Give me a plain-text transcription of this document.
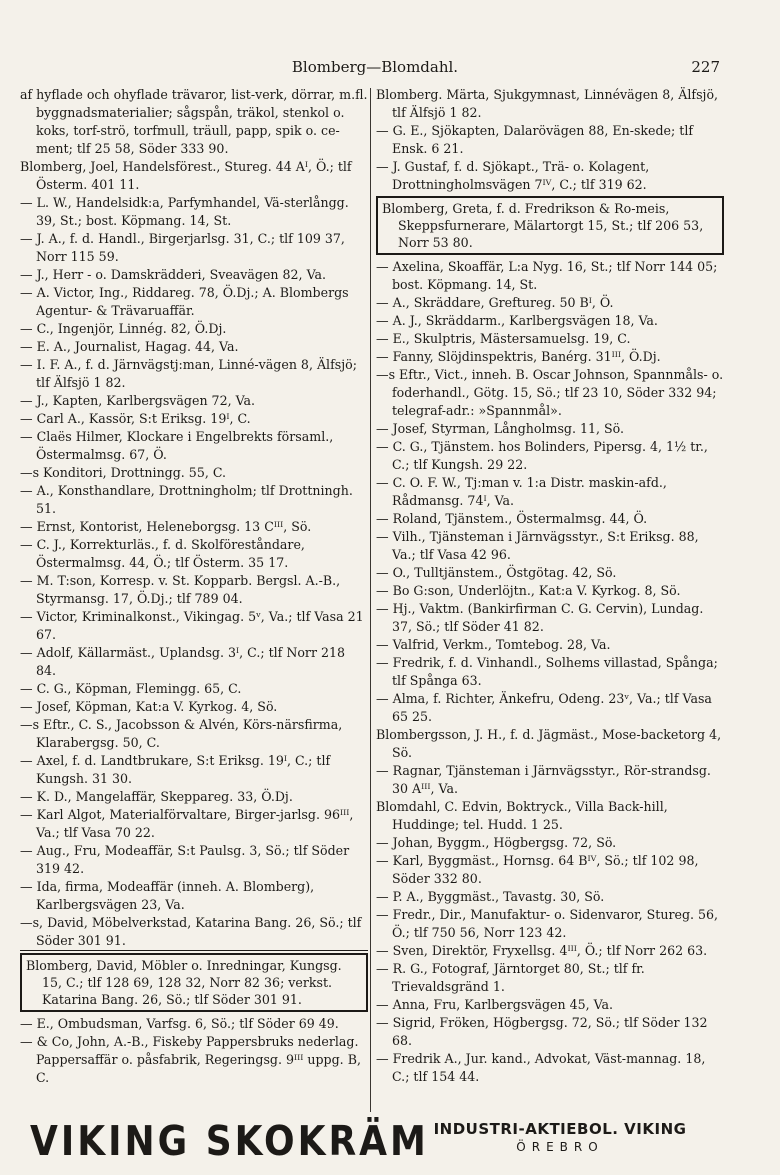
Blomberg—Blomdahl.	227
af hyflade och ohyflade trävaror, list-verk, dörrar, m.fl. byggnadsmaterialier; sågspån, träkol, stenkol o. koks, torf-strö, torfmull, träull, papp, spik o. ce-ment; tlf 25 58, Söder 333 90.
Blomberg, Joel, Handelsförest., Stureg. 44 Aᴵ, Ö.; tlf Österm. 401 11.
— L. W., Handelsidk:a, Parfymhandel, Vä-sterlångg. 39, St.; bost. Köpmang. 14, St.
— J. A., f. d. Handl., Birgerjarlsg. 31, C.; tlf 109 37, Norr 115 59.
— J., Herr - o. Damskrädderi, Sveavägen 82, Va.
— A. Victor, Ing., Riddareg. 78, Ö.Dj.; A. Blombergs Agentur- & Trävaruaffär.
— C., Ingenjör, Linnég. 82, Ö.Dj.
— E. A., Journalist, Hagag. 44, Va.
— I. F. A., f. d. Järnvägstj:man, Linné-vägen 8, Älfsjö; tlf Älfsjö 1 82.
— J., Kapten, Karlbergsvägen 72, Va.
— Carl A., Kassör, S:t Eriksg. 19ᴵ, C.
— Claës Hilmer, Klockare i Engelbrekts församl., Östermalmsg. 67, Ö.
—s Konditori, Drottningg. 55, C.
— A., Konsthandlare, Drottningholm; tlf Drottningh. 51.
— Ernst, Kontorist, Heleneborgsg. 13 Cᴵᴵᴵ, Sö.
— C. J., Korrekturläs., f. d. Skolföreståndare, Östermalmsg. 44, Ö.; tlf Österm. 35 17.
— M. T:son, Korresp. v. St. Kopparb. Bergsl. A.-B., Styrmansg. 17, Ö.Dj.; tlf 789 04.
— Victor, Kriminalkonst., Vikingag. 5ᵛ, Va.; tlf Vasa 21 67.
— Adolf, Källarmäst., Uplandsg. 3ᴵ, C.; tlf Norr 218 84.
— C. G., Köpman, Flemingg. 65, C.
— Josef, Köpman, Kat:a V. Kyrkog. 4, Sö.
—s Eftr., C. S., Jacobsson & Alvén, Körs-närsfirma, Klarabergsg. 50, C.
— Axel, f. d. Landtbrukare, S:t Eriksg. 19ᴵ, C.; tlf Kungsh. 31 30.
— K. D., Mangelaffär, Skeppareg. 33, Ö.Dj.
— Karl Algot, Materialförvaltare, Birger-jarlsg. 96ᴵᴵᴵ, Va.; tlf Vasa 70 22.
— Aug., Fru, Modeaffär, S:t Paulsg. 3, Sö.; tlf Söder 319 42.
— Ida, firma, Modeaffär (inneh. A. Blomberg), Karlbergsvägen 23, Va.
—s, David, Möbelverkstad, Katarina Bang. 26, Sö.; tlf Söder 301 91.
Blomberg, David, Möbler o. Inredningar, Kungsg. 15, C.; tlf 128 69, 128 32, Norr 82 36; verkst. Katarina Bang. 26, Sö.; tlf Söder 301 91.
— E., Ombudsman, Varfsg. 6, Sö.; tlf Söder 69 49.
— & Co, John, A.-B., Fiskeby Pappersbruks nederlag. Pappersaffär o. påsfabrik, Regeringsg. 9ᴵᴵᴵ uppg. B, C.
Blomberg. Märta, Sjukgymnast, Linnévägen 8, Älfsjö, tlf Älfsjö 1 82.
— G. E., Sjökapten, Dalarövägen 88, En-skede; tlf Ensk. 6 21.
— J. Gustaf, f. d. Sjökapt., Trä- o. Kolagent, Drottningholmsvägen 7ᴵⱽ, C.; tlf 319 62.
Blomberg, Greta, f. d. Fredrikson & Ro-meis, Skeppsfurnerare, Mälartorgt 15, St.; tlf 206 53, Norr 53 80.
— Axelina, Skoaffär, L:a Nyg. 16, St.; tlf Norr 144 05; bost. Köpmang. 14, St.
— A., Skräddare, Greftureg. 50 Bᴵ, Ö.
— A. J., Skräddarm., Karlbergsvägen 18, Va.
— E., Skulptris, Mästersamuelsg. 19, C.
— Fanny, Slöjdinspektris, Banérg. 31ᴵᴵᴵ, Ö.Dj.
—s Eftr., Vict., inneh. B. Oscar Johnson, Spannmåls- o. foderhandl., Götg. 15, Sö.; tlf 23 10, Söder 332 94; telegraf-adr.: »Spannmål».
— Josef, Styrman, Långholmsg. 11, Sö.
— C. G., Tjänstem. hos Bolinders, Pipersg. 4, 1½ tr., C.; tlf Kungsh. 29 22.
— C. O. F. W., Tj:man v. 1:a Distr. maskin-afd., Rådmansg. 74ᴵ, Va.
— Roland, Tjänstem., Östermalmsg. 44, Ö.
— Vilh., Tjänsteman i Järnvägsstyr., S:t Eriksg. 88, Va.; tlf Vasa 42 96.
— O., Tulltjänstem., Östgötag. 42, Sö.
— Bo G:son, Underlöjtn., Kat:a V. Kyrkog. 8, Sö.
— Hj., Vaktm. (Bankirfirman C. G. Cervin), Lundag. 37, Sö.; tlf Söder 41 82.
— Valfrid, Verkm., Tomtebog. 28, Va.
— Fredrik, f. d. Vinhandl., Solhems villastad, Spånga; tlf Spånga 63.
— Alma, f. Richter, Änkefru, Odeng. 23ᵛ, Va.; tlf Vasa 65 25.
Blombergsson, J. H., f. d. Jägmäst., Mose-backetorg 4, Sö.
— Ragnar, Tjänsteman i Järnvägsstyr., Rör-strandsg. 30 Aᴵᴵᴵ, Va.
Blomdahl, C. Edvin, Boktryck., Villa Back-hill, Huddinge; tel. Hudd. 1 25.
— Johan, Byggm., Högbergsg. 72, Sö.
— Karl, Byggmäst., Hornsg. 64 Bᴵⱽ, Sö.; tlf 102 98, Söder 332 80.
— P. A., Byggmäst., Tavastg. 30, Sö.
— Fredr., Dir., Manufaktur- o. Sidenvaror, Stureg. 56, Ö.; tlf 750 56, Norr 123 42.
— Sven, Direktör, Fryxellsg. 4ᴵᴵᴵ, Ö.; tlf Norr 262 63.
— R. G., Fotograf, Järntorget 80, St.; tlf fr. Trievaldsgränd 1.
— Anna, Fru, Karlbergsvägen 45, Va.
— Sigrid, Fröken, Högbergsg. 72, Sö.; tlf Söder 132 68.
— Fredrik A., Jur. kand., Advokat, Väst-mannag. 18, C.; tlf 154 44.
VIKING SKOKRÄM INDUSTRI-AKTIEBOL. VIKING
ÖREBRO
